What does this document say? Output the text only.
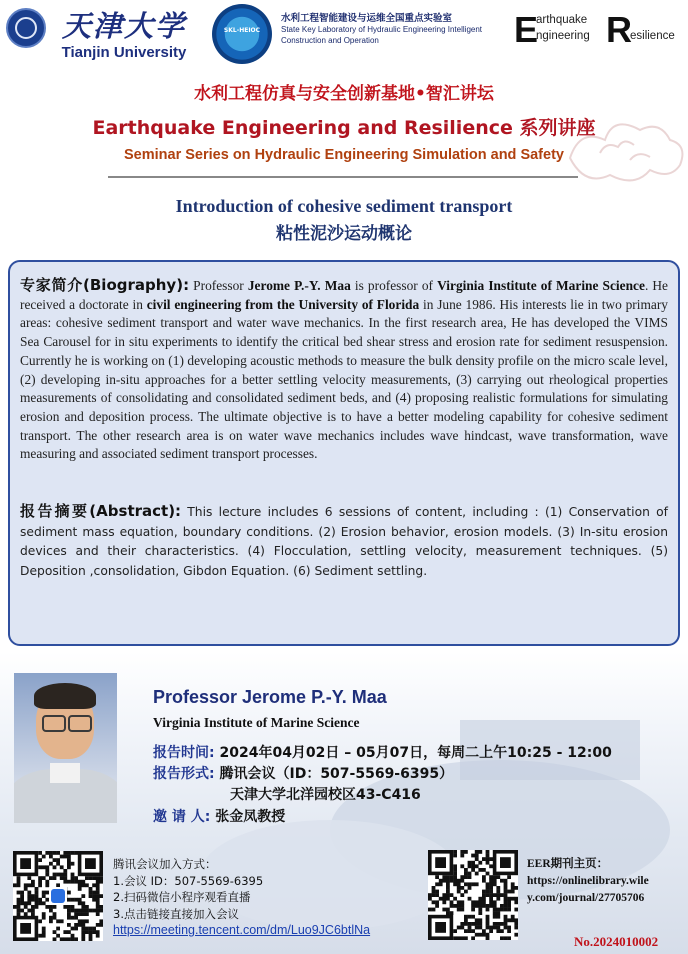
天津大学
Tianjin University
SKL-HEIOC
水利工程智能建设与运维全国重点实验室
State Key Laboratory of Hydraulic Engineering Intelligent Construction and Operation	E
arthquake
ngineering R
esilience
水利工程仿真与安全创新基地•智汇讲坛
Earthquake Engineering and Resilience 系列讲座
Seminar Series on Hydraulic Engineering Simulation and Safety
Introduction of cohesive sediment transport
粘性泥沙运动概论

专家简介(Biography): Professor Jerome P.-Y. Maa is professor of Virginia Institute of Marine Science. He received a doctorate in civil engineering from the University of Florida in June 1986. His interests lie in two primary areas: cohesive sediment transport and water wave mechanics. In the first research area, He has developed the VIMS Sea Carousel for in situ experiments to identify the critical bed shear stress and erosion rate for sediment resuspension. Currently he is working on (1) developing acoustic methods to measure the bulk density profile on the micro scale level, (2) developing in-situ approaches for a better settling velocity measurements, (3) carrying out rheological properties measurements of consolidating and consolidated sediment beds, and (4) proposing realistic formulations for simulating erosion and deposition process. The ultimate objective is to have a better modeling capability for cohesive sediment transport. The other research area is on water wave mechanics includes wave hindcast, wave transformation, wave measuring and associated sediment transport processes.

报告摘要(Abstract): This lecture includes 6 sessions of content, including : (1) Conservation of sediment mass equation, boundary conditions. (2) Erosion behavior, erosion models. (3) In-situ erosion devices and their characteristics. (4) Flocculation, settling velocity, measurement techniques. (5) Deposition ,consolidation, Gibdon Equation. (6) Sediment settling.

Professor Jerome P.-Y. Maa
Virginia Institute of Marine Science
报告时间: 2024年04月02日 – 05月07日，每周二上午10:25 - 12:00
报告形式: 腾讯会议（ID：507-5569-6395）
天津大学北洋园校区43-C416
邀 请 人: 张金凤教授
腾讯会议加入方式：
1.会议 ID：507-5569-6395
2.扫码微信小程序观看直播
3.点击链接直接加入会议
https://meeting.tencent.com/dm/Luo9JC6btlNa
EER期刊主页：
https://onlinelibrary.wile
y.com/journal/27705706
No.2024010002
